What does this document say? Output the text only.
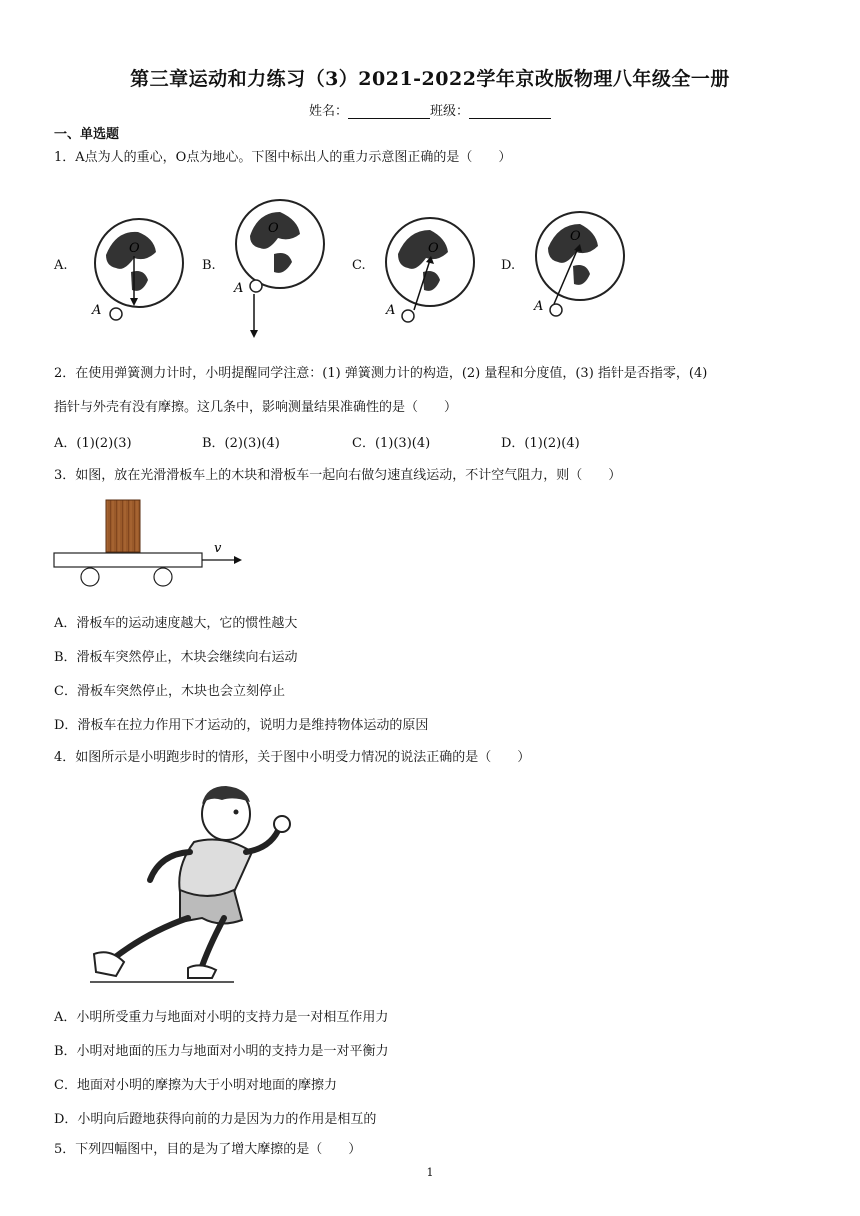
第三章运动和力练习（3）2021-2022学年京改版物理八年级全一册
姓名：	班级：
一、单选题
1．A点为人的重心，O点为地心。下图中标出人的重力示意图正确的是（　　）
A.	B.	C.	D.
O
A
O
A
O
A
O
A
2．在使用弹簧测力计时，小明提醒同学注意：(1) 弹簧测力计的构造，(2) 量程和分度值，(3) 指针是否指零，(4)
指针与外壳有没有摩擦。这几条中，影响测量结果准确性的是（　　）
A．(1)(2)(3)	B．(2)(3)(4)	C．(1)(3)(4)	D．(1)(2)(4)
3．如图，放在光滑滑板车上的木块和滑板车一起向右做匀速直线运动，不计空气阻力，则（　　）
v
A．滑板车的运动速度越大，它的惯性越大
B．滑板车突然停止，木块会继续向右运动
C．滑板车突然停止，木块也会立刻停止
D．滑板车在拉力作用下才运动的，说明力是维持物体运动的原因
4．如图所示是小明跑步时的情形，关于图中小明受力情况的说法正确的是（　　）
A．小明所受重力与地面对小明的支持力是一对相互作用力
B．小明对地面的压力与地面对小明的支持力是一对平衡力
C．地面对小明的摩擦为大于小明对地面的摩擦力
D．小明向后蹬地获得向前的力是因为力的作用是相互的
5．下列四幅图中，目的是为了增大摩擦的是（　　）
1
